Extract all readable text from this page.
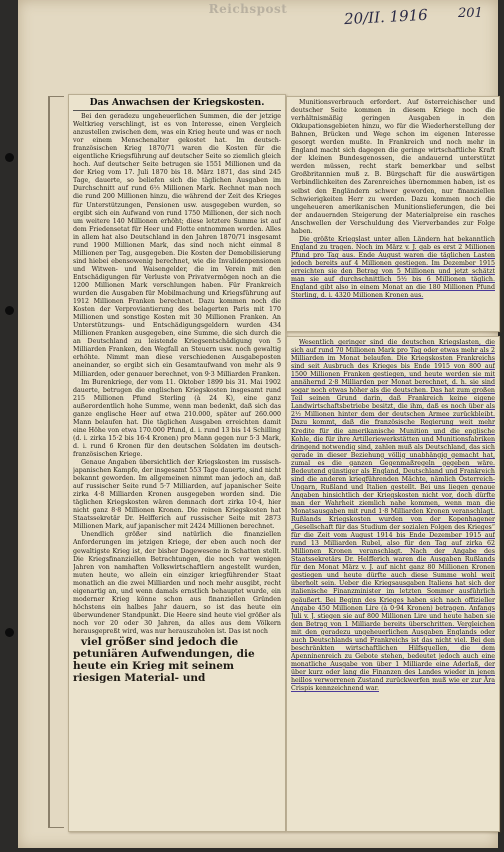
Reichspost	20/II. 1916 201
Das Anwachsen der Kriegskosten.

Bei den geradezu ungeheuerlichen Summen, die der jetzige Weltkrieg verschlingt, ist es von Interesse, einen Vergleich anzustellen zwischen dem, was ein Krieg heute und was er noch vor einem Menschenalter gekostet hat. Im deutsch-französischen Krieg 1870/71 waren die Kosten für die eigentliche Kriegsführung auf deutscher Seite so ziemlich gleich hoch. Auf deutscher Seite betrugen sie 1551 Millionen und da der Krieg vom 17. Juli 1870 bis 18. März 1871, das sind 245 Tage, dauerte, so beliefen sich die täglichen Ausgaben im Durchschnitt auf rund 6⅓ Millionen Mark. Rechnet man noch die rund 200 Millionen hinzu, die während der Zeit des Krieges für Unterstützungen, Pensionen usw. ausgegeben wurden, so ergibt sich ein Aufwand von rund 1750 Millionen, der sich noch um weitere 140 Millionen erhöht; diese letztere Summe ist auf dem Friedensetat für Heer und Flotte entnommen worden. Alles in allem hat also Deutschland in den Jahren 1870/71 insgesamt rund 1900 Millionen Mark, das sind noch nicht einmal 8 Millionen per Tag, ausgegeben. Die Kosten der Demobilisierung sind hiebei ebensowenig berechnet, wie die Invalidenpensionen und Witwen- und Waisengelder, die im Verein mit den Entschädigungen für Verluste von Privatvermögen noch an die 1200 Millionen Mark verschlungen haben. Für Frankreich wurden die Ausgaben für Mobilmachung und Kriegsführung auf 1912 Millionen Franken berechnet. Dazu kommen noch die Kosten der Verproviantierung des belagerten Paris mit 170 Millionen und sonstige Kosten mit 30 Millionen Franken. An Unterstützungs- und Entschädigungsgeldern wurden 434 Millionen Franken ausgegeben, eine Summe, die sich durch die an Deutschland zu leistende Kriegsentschädigung von 5 Milliarden Franken, den Wegfall an Steuern usw. noch gewaltig erhöhte. Nimmt man diese verschiedenen Ausgabeposten aneinander, so ergibt sich ein Gesamtaufwand von mehr als 9 Milliarden, oder genauer berechnet, von 9·3 Milliarden Franken.

Im Burenkriege, der vom 11. Oktober 1899 bis 31. Mai 1902 dauerte, betrugen die englischen Kriegskosten insgesamt rund 215 Millionen Pfund Sterling (à 24 K), eine ganz außerordentlich hohe Summe, wenn man bedenkt, daß sich das ganze englische Heer auf etwa 210.000, später auf 260.000 Mann belaufen hat. Die täglichen Ausgaben erreichten damit eine Höhe von etwa 170.000 Pfund, d. i. rund 13 bis 14 Schilling (d. i. zirka 15·2 bis 16·4 Kronen) pro Mann gegen nur 5·3 Mark, d. i. rund 6 Kronen für den deutschen Soldaten im deutsch-französischen Kriege.

Genaue Angaben übersichtlich der Kriegskosten im russisch-japanischen Kampfe, der insgesamt 553 Tage dauerte, sind nicht bekannt geworden. Im allgemeinen nimmt man jedoch an, daß auf russischer Seite rund 5·7 Milliarden, auf japanischer Seite zirka 4·8 Milliarden Kronen ausgegeben worden sind. Die täglichen Kriegskosten wären demnach dort zirka 10·4, hier nicht ganz 8·8 Millionen Kronen. Die reinen Kriegskosten hat Staatssekretär Dr. Helfferich auf russischer Seite mit 2873 Millionen Mark, auf japanischer mit 2424 Millionen berechnet.

Unendlich größer sind natürlich die finanziellen Anforderungen im jetzigen Kriege, der eben auch noch der gewaltigste Krieg ist, der bisher Dagewesene in Schatten stellt. Die Kriegsfinanziellen Betrachtungen, die noch vor wenigen Jahren von namhaften Volkswirtschaftlern angestellt wurden, muten heute, wo allein ein einziger kriegführender Staat monatlich an die zwei Milliarden und noch mehr ausgibt, recht eigenartig an, und wenn damals ernstlich behauptet wurde, ein moderner Krieg könne schon aus finanziellen Gründen höchstens ein halbes Jahr dauern, so ist das heute ein überwundener Standpunkt. Die Heere sind heute viel größer als noch vor 20 oder 30 Jahren, da alles aus dem Völkern herausgepreßt wird, was nur herauszuholen ist. Das ist noch

viel größer sind jedoch die petuniären Aufwendungen, die heute ein Krieg mit seinem riesigen Material- und

Munitionsverbrauch erfordert. Auf österreichischer und deutscher Seite kommen in diesem Kriege noch die verhältnismäßig geringen Ausgaben in den Okkupationsgebieten hinzu, wo für die Wiederherstellung der Bahnen, Brücken und Wege schon im eigenen Interesse gesorgt werden mußte. In Frankreich und noch mehr in England macht sich dagegen die geringe wirtschaftliche Kraft der kleinen Bundesgenossen, die andauernd unterstützt werden müssen, recht stark bemerkbar und selbst Großbritannien muß z. B. Bürgschaft für die auswärtigen Verbindlichkeiten des Zarenreiches übernommen haben, ist es selbst den Engländern schwer geworden, nur finanziellen Schwierigkeiten Herr zu werden. Dazu kommen noch die ungeheueren amerikanischen Munitionslieferungen, die bei der andauernden Steigerung der Materialpreise ein rasches Anschwellen der Verschuldung des Vierverbandes zur Folge haben.

Die größte Kriegslast unter allen Ländern hat bekanntlich England zu tragen. Noch im März v. J. gab es erst 2 Millionen Pfund pro Tag aus. Ende August waren die täglichen Lasten jedoch bereits auf 4 Millionen gestiegen. Im Dezember 1915 erreichten sie den Betrag von 5 Millionen und jetzt schätzt man sie auf durchschnittlich 5½ bis 6 Millionen täglich. England gibt also in einem Monat an die 180 Millionen Pfund Sterling, d. i. 4320 Millionen Kronen aus.

Wesentlich geringer sind die deutschen Kriegslasten, die sich auf rund 70 Millionen Mark pro Tag oder etwas mehr als 2 Milliarden im Monat belaufen. Die Kriegskosten Frankreichs sind seit Ausbruch des Krieges bis Ende 1915 von 800 auf 1500 Millionen Franken gestiegen, und heute werden sie mit annähernd 2·8 Milliarden per Monat berechnet, d. h. sie sind sogar noch etwas höher als die deutschen. Das hat zum großen Teil seinen Grund darin, daß Frankreich keine eigene Landwirtschaftsbetriebe besitzt, die ihm, daß es noch über als 2½ Millionen hinter dem der deutschen Armee zurückbleibt. Dazu kommt, daß die französische Regierung weit mehr Kredite für die amerikanische Munition und die englische Kohle, die für ihre Artilleriewerkstätten und Munitionsfabriken dringend notwendig sind, zahlen muß als Deutschland, das sich gerade in dieser Beziehung völlig unabhängig gemacht hat, zumal es die ganzen Gegenmaßregeln gegeben wäre. Bedeutend günstiger als England, Deutschland und Frankreich sind die anderen kriegführenden Mächte, nämlich Österreich-Ungarn, Rußland und Italien gestellt. Bei uns liegen genaue Angaben hinsichtlich der Kriegskosten nicht vor, doch dürfte man der Wahrheit ziemlich nahe kommen, wenn man die Monatsausgaben mit rund 1·8 Milliarden Kronen veranschlagt. Rußlands Kriegskosten wurden von der Kopenhagener „Gesellschaft für das Studium der sozialen Folgen des Krieges“ für die Zeit vom August 1914 bis Ende Dezember 1915 auf rund 13 Milliarden Rubel, also für den Tag auf zirka 62 Millionen Kronen veranschlagt. Nach der Angabe des Staatssekretärs Dr. Helfferich waren die Ausgaben Rußlands für den Monat März v. J. auf nicht ganz 80 Millionen Kronen gestiegen und heute dürfte auch diese Summe wohl weit überholt sein. Ueber die Kriegsausgaben Italiens hat sich der italienische Finanzminister im letzten Sommer ausführlich geäußert. Bei Beginn des Krieges haben sich nach offizieller Angabe 450 Millionen Lire (à 0·94 Kronen) betragen. Anfangs Juli v. J. stiegen sie auf 800 Millionen Lire und heute haben sie den Betrag von 1 Milliarde bereits überschritten. Vergleichen mit den geradezu ungeheuerlichen Ausgaben Englands oder auch Deutschlands und Frankreichs ist das nicht viel. Bei den beschränkten wirtschaftlichen Hilfsquellen, die dem Apenninenreich zu Gebote stehen, bedeutet jedoch auch eine monatliche Ausgabe von über 1 Milliarde eine Aderlaß, der über kurz oder lang die Finanzen des Landes wieder in jenen heillos verworrenen Zustand zurückwerfen muß wie er zur Ära Crispis kennzeichnend war.
